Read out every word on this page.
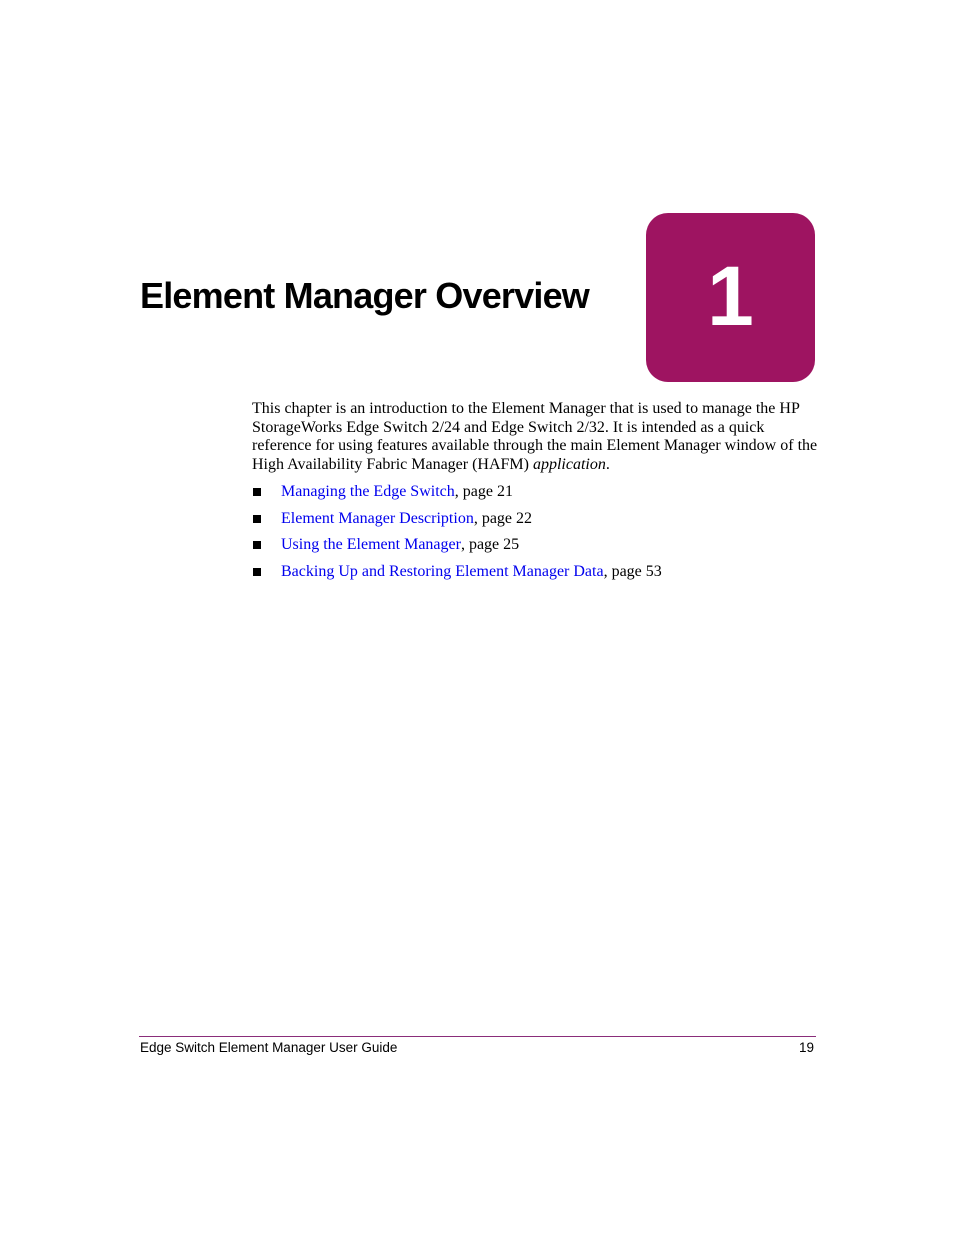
Element Manager Overview 1

This chapter is an introduction to the Element Manager that is used to manage the HP StorageWorks Edge Switch 2/24 and Edge Switch 2/32. It is intended as a quick reference for using features available through the main Element Manager window of the High Availability Fabric Manager (HAFM) application.

Managing the Edge Switch , page 21
Element Manager Description , page 22
Using the Element Manager , page 25
Backing Up and Restoring Element Manager Data , page 53
Edge Switch Element Manager User Guide	19
